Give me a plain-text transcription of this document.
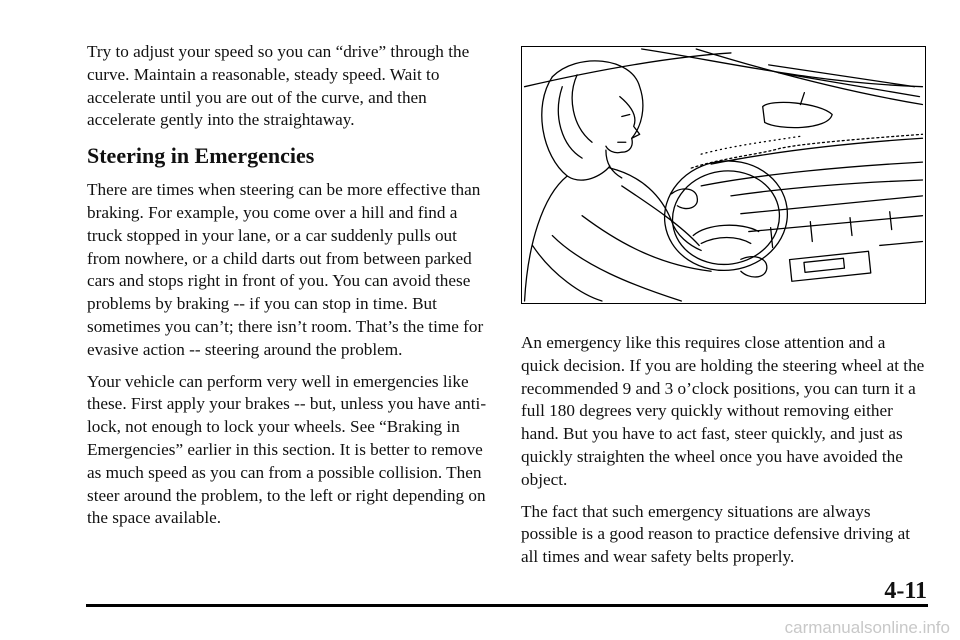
Try to adjust your speed so you can “drive” through the curve. Maintain a reasonable, steady speed. Wait to accelerate until you are out of the curve, and then accelerate gently into the straightaway.

Steering in Emergencies

There are times when steering can be more effective than braking. For example, you come over a hill and find a truck stopped in your lane, or a car suddenly pulls out from nowhere, or a child darts out from between parked cars and stops right in front of you. You can avoid these problems by braking -- if you can stop in time. But sometimes you can’t; there isn’t room. That’s the time for evasive action -- steering around the problem.

Your vehicle can perform very well in emergencies like these. First apply your brakes -- but, unless you have anti-lock, not enough to lock your wheels. See “Braking in Emergencies” earlier in this section. It is better to remove as much speed as you can from a possible collision. Then steer around the problem, to the left or right depending on the space available.

An emergency like this requires close attention and a quick decision. If you are holding the steering wheel at the recommended 9 and 3 o’clock positions, you can turn it a full 180 degrees very quickly without removing either hand. But you have to act fast, steer quickly, and just as quickly straighten the wheel once you have avoided the object.

The fact that such emergency situations are always possible is a good reason to practice defensive driving at all times and wear safety belts properly.

4-11
carmanualsonline.info
